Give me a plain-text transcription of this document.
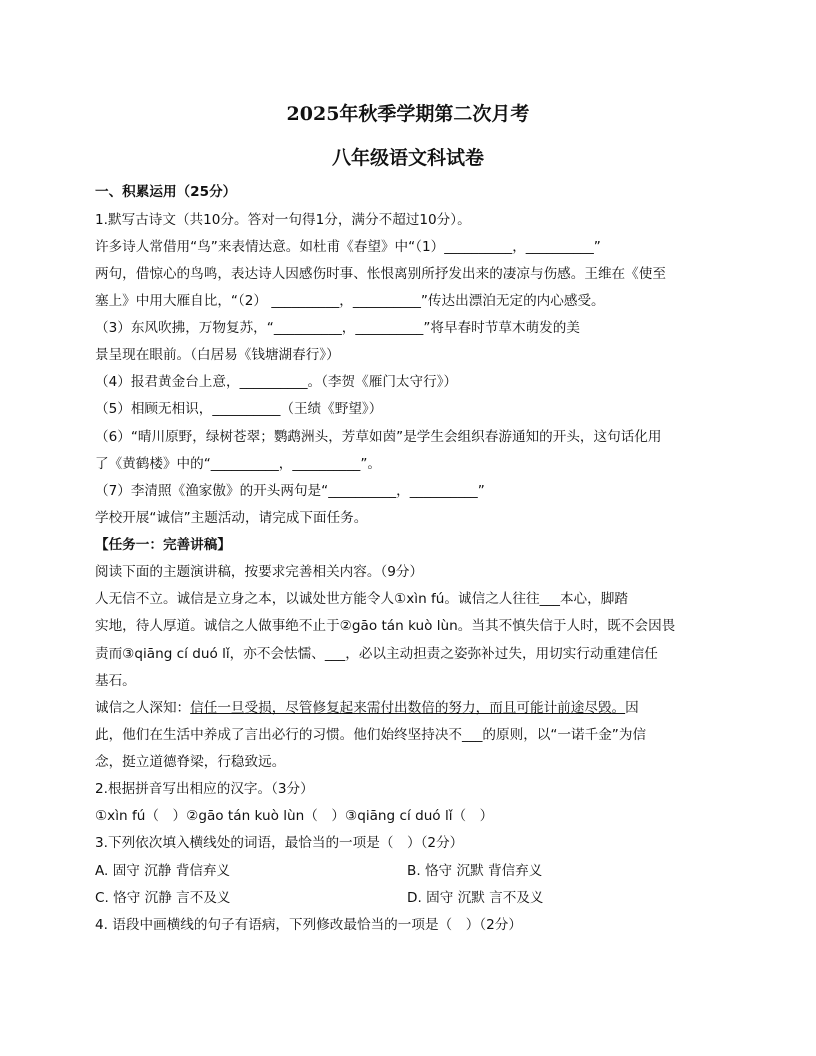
2025年秋季学期第二次月考
八年级语文科试卷
一、积累运用（25分）
1.默写古诗文（共10分。答对一句得1分，满分不超过10分）。
许多诗人常借用“鸟”来表情达意。如杜甫《春望》中“（1）__________，__________”
两句，借惊心的鸟鸣，表达诗人因感伤时事、怅恨离别所抒发出来的凄凉与伤感。王维在《使至
塞上》中用大雁自比，“（2） __________，__________”传达出漂泊无定的内心感受。
（3）东风吹拂，万物复苏，“__________，__________”将早春时节草木萌发的美
景呈现在眼前。（白居易《钱塘湖春行》）
（4）报君黄金台上意，__________。（李贺《雁门太守行》）
（5）相顾无相识，__________（王绩《野望》）
（6）“晴川原野，绿树苍翠；鹦鹉洲头，芳草如茵”是学生会组织春游通知的开头，这句话化用
了《黄鹤楼》中的“__________，__________”。
（7）李清照《渔家傲》的开头两句是“__________，__________”
学校开展“诚信”主题活动，请完成下面任务。
【任务一：完善讲稿】
阅读下面的主题演讲稿，按要求完善相关内容。（9分）
人无信不立。诚信是立身之本，以诚处世方能令人①xìn fú。诚信之人往往___本心，脚踏
实地，待人厚道。诚信之人做事绝不止于②gāo tán kuò lùn。当其不慎失信于人时，既不会因畏
责而③qiāng cí duó lǐ，亦不会怯懦、___，必以主动担责之姿弥补过失，用切实行动重建信任
基石。
诚信之人深知：信任一旦受损，尽管修复起来需付出数倍的努力，而且可能计前途尽毁。因
此，他们在生活中养成了言出必行的习惯。他们始终坚持决不___的原则，以“一诺千金”为信
念，挺立道德脊梁，行稳致远。
2.根据拼音写出相应的汉字。（3分）
①xìn fú（　）②gāo tán kuò lùn（　）③qiāng cí duó lǐ（　）
3.下列依次填入横线处的词语，最恰当的一项是（　）（2分）
A. 固守 沉静 背信弃义	B. 恪守 沉默 背信弃义
C. 恪守 沉静 言不及义	D. 固守 沉默 言不及义
4. 语段中画横线的句子有语病，下列修改最恰当的一项是（　）（2分）
